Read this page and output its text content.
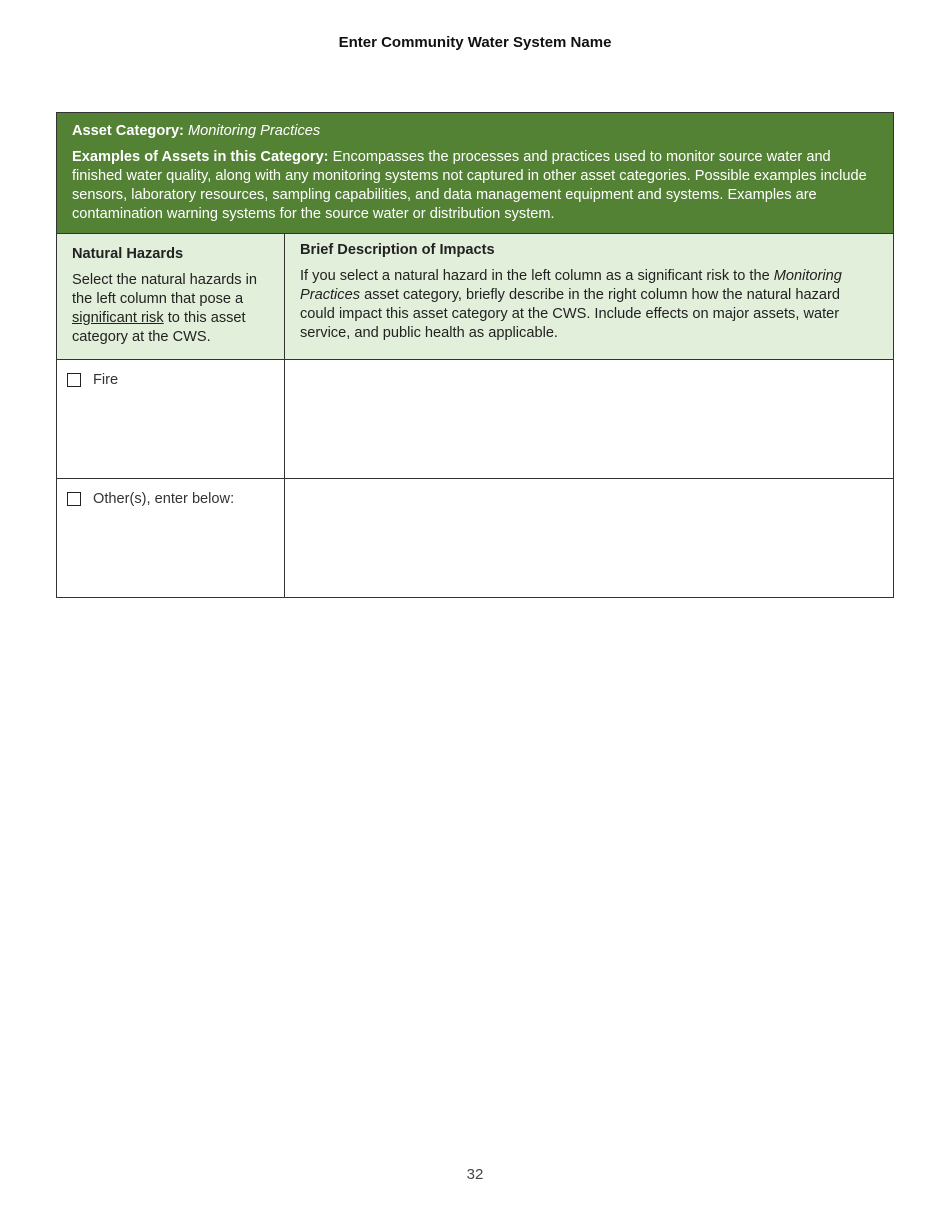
Enter Community Water System Name

Asset Category: Monitoring Practices

Examples of Assets in this Category: Encompasses the processes and practices used to monitor source water and finished water quality, along with any monitoring systems not captured in other asset categories. Possible examples include sensors, laboratory resources, sampling capabilities, and data management equipment and systems. Examples are contamination warning systems for the source water or distribution system.

Natural Hazards

Select the natural hazards in the left column that pose a significant risk to this asset category at the CWS.

Brief Description of Impacts

If you select a natural hazard in the left column as a significant risk to the Monitoring Practices asset category, briefly describe in the right column how the natural hazard could impact this asset category at the CWS. Include effects on major assets, water service, and public health as applicable.

Fire
Other(s), enter below:
32
